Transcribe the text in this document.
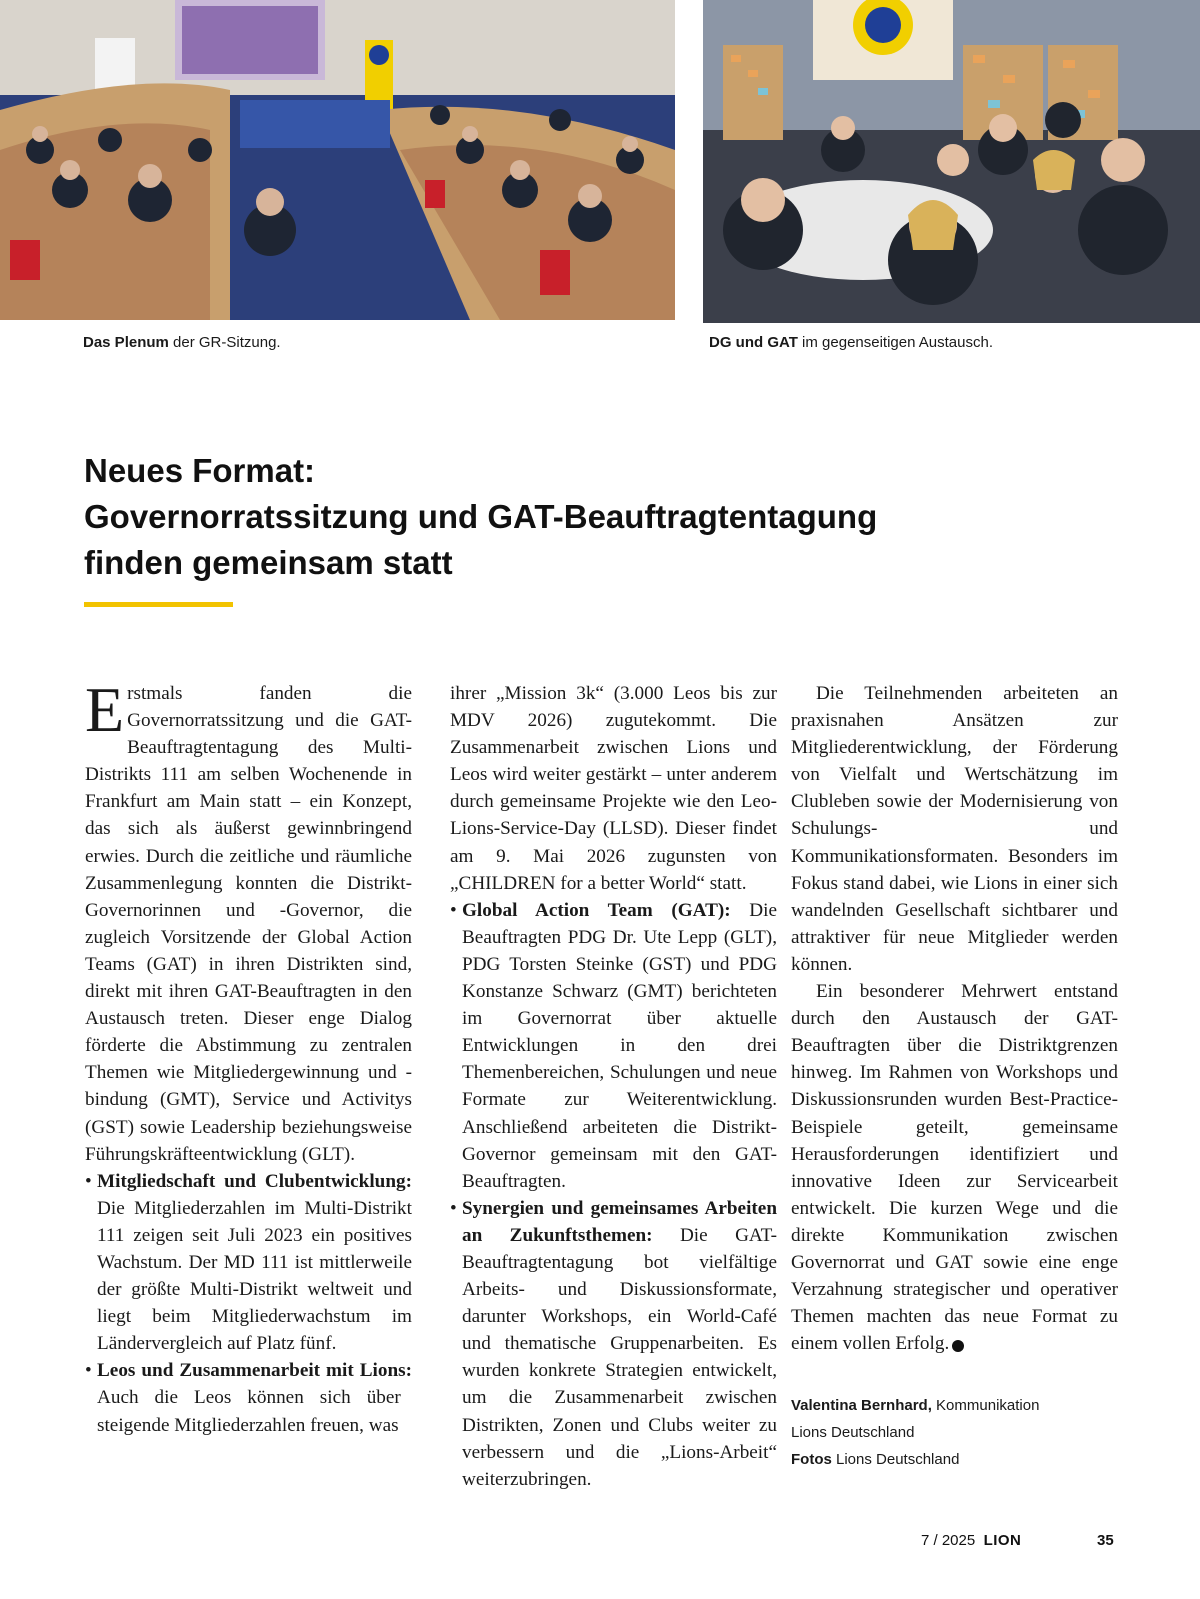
Das Plenum der GR-Sitzung.	DG und GAT im gegenseitigen Austausch.
Neues Format:
Governorratssitzung und GAT-Beauftragtentagung
finden gemeinsam statt

Erstmals fanden die Governorratssitzung und die GAT-Beauftragtentagung des Multi-Distrikts 111 am selben Wochenende in Frankfurt am Main statt – ein Konzept, das sich als äußerst gewinnbringend erwies. Durch die zeitliche und räumliche Zusammenlegung konnten die Distrikt-Governorinnen und -Governor, die zugleich Vorsitzende der Global Action Teams (GAT) in ihren Distrikten sind, direkt mit ihren GAT-Beauftragten in den Austausch treten. Dieser enge Dialog förderte die Abstimmung zu zentralen Themen wie Mitgliedergewinnung und -bindung (GMT), Service und Activitys (GST) sowie Leadership beziehungsweise Führungskräfteentwicklung (GLT).

• Mitgliedschaft und Clubentwicklung: Die Mitgliederzahlen im Multi-Distrikt 111 zeigen seit Juli 2023 ein positives Wachstum. Der MD 111 ist mittlerweile der größte Multi-Distrikt weltweit und liegt beim Mitgliederwachstum im Ländervergleich auf Platz fünf.

• Leos und Zusammenarbeit mit Lions: Auch die Leos können sich über steigende Mitgliederzahlen freuen, was

ihrer „Mission 3k“ (3.000 Leos bis zur MDV 2026) zugutekommt. Die Zusammenarbeit zwischen Lions und Leos wird weiter gestärkt – unter anderem durch gemeinsame Projekte wie den Leo-Lions-Service-Day (LLSD). Dieser findet am 9. Mai 2026 zugunsten von „CHILDREN for a better World“ statt.

• Global Action Team (GAT): Die Beauftragten PDG Dr. Ute Lepp (GLT), PDG Torsten Steinke (GST) und PDG Konstanze Schwarz (GMT) berichteten im Governorrat über aktuelle Entwicklungen in den drei Themenbereichen, Schulungen und neue Formate zur Weiterentwicklung. Anschließend arbeiteten die Distrikt-Governor gemeinsam mit den GAT-Beauftragten.

• Synergien und gemeinsames Arbeiten an Zukunftsthemen: Die GAT-Beauftragtentagung bot vielfältige Arbeits- und Diskussionsformate, darunter Workshops, ein World-Café und thematische Gruppenarbeiten. Es wurden konkrete Strategien entwickelt, um die Zusammenarbeit zwischen Distrikten, Zonen und Clubs weiter zu verbessern und die „Lions-Arbeit“ weiterzubringen.

Die Teilnehmenden arbeiteten an praxisnahen Ansätzen zur Mitgliederentwicklung, der Förderung von Vielfalt und Wertschätzung im Clubleben sowie der Modernisierung von Schulungs- und Kommunikationsformaten. Besonders im Fokus stand dabei, wie Lions in einer sich wandelnden Gesellschaft sichtbarer und attraktiver für neue Mitglieder werden können.

Ein besonderer Mehrwert entstand durch den Austausch der GAT-Beauftragten über die Distriktgrenzen hinweg. Im Rahmen von Workshops und Diskussionsrunden wurden Best-Practice-Beispiele geteilt, gemeinsame Herausforderungen identifiziert und innovative Ideen zur Servicearbeit entwickelt. Die kurzen Wege und die direkte Kommunikation zwischen Governorrat und GAT sowie eine enge Verzahnung strategischer und operativer Themen machten das neue Format zu einem vollen Erfolg.	L

Valentina Bernhard, Kommunikation
Lions Deutschland
Fotos Lions Deutschland
7 / 2025 LION	35
